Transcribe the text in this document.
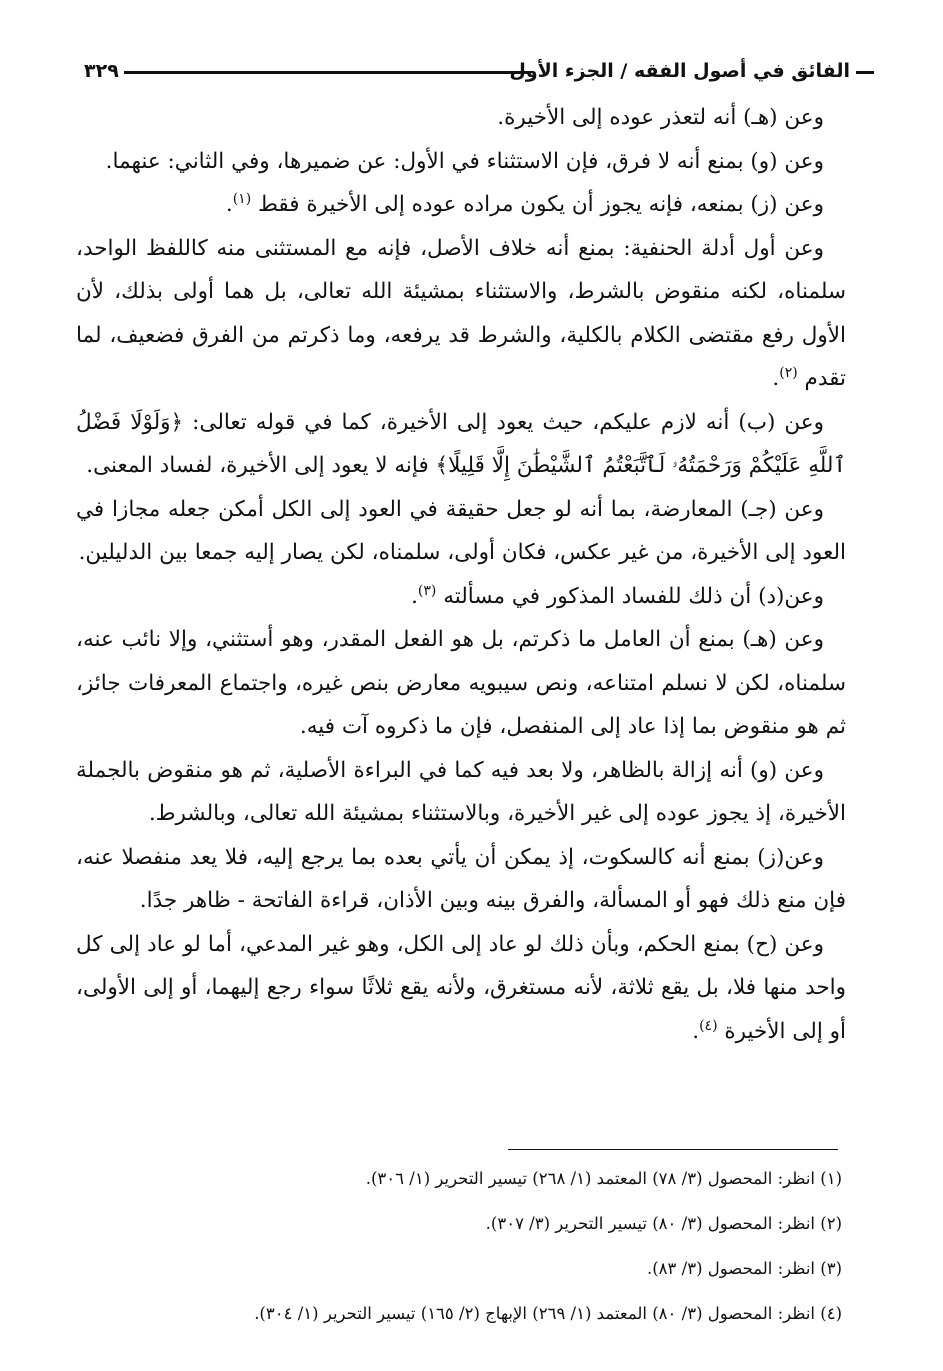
الفائق في أصول الفقه / الجزء الأول
٣٢٩

وعن (هـ) أنه لتعذر عوده إلى الأخيرة.

وعن (و) بمنع أنه لا فرق، فإن الاستثناء في الأول: عن ضميرها، وفي الثاني: عنهما.

وعن (ز) بمنعه، فإنه يجوز أن يكون مراده عوده إلى الأخيرة فقط $^{(١)}$.

وعن أول أدلة الحنفية: بمنع أنه خلاف الأصل، فإنه مع المستثنى منه كاللفظ الواحد، سلمناه، لكنه منقوض بالشرط، والاستثناء بمشيئة الله تعالى، بل هما أولى بذلك، لأن الأول رفع مقتضى الكلام بالكلية، والشرط قد يرفعه، وما ذكرتم من الفرق فضعيف، لما تقدم $^{(٢)}$.

وعن (ب) أنه لازم عليكم، حيث يعود إلى الأخيرة، كما في قوله تعالى: ﴿وَلَوْلَا فَضْلُ ٱللَّهِ عَلَيْكُمْ وَرَحْمَتُهُۥ لَٱتَّبَعْتُمُ ٱلشَّيْطَٰنَ إِلَّا قَلِيلًا﴾ فإنه لا يعود إلى الأخيرة، لفساد المعنى.

وعن (جـ) المعارضة، بما أنه لو جعل حقيقة في العود إلى الكل أمكن جعله مجازا في العود إلى الأخيرة، من غير عكس، فكان أولى، سلمناه، لكن يصار إليه جمعا بين الدليلين.

وعن(د) أن ذلك للفساد المذكور في مسألته $^{(٣)}$.

وعن (هـ) بمنع أن العامل ما ذكرتم، بل هو الفعل المقدر، وهو أستثني، وإلا نائب عنه، سلمناه، لكن لا نسلم امتناعه، ونص سيبويه معارض بنص غيره، واجتماع المعرفات جائز، ثم هو منقوض بما إذا عاد إلى المنفصل، فإن ما ذكروه آت فيه.

وعن (و) أنه إزالة بالظاهر، ولا بعد فيه كما في البراءة الأصلية، ثم هو منقوض بالجملة الأخيرة، إذ يجوز عوده إلى غير الأخيرة، وبالاستثناء بمشيئة الله تعالى، وبالشرط.

وعن(ز) بمنع أنه كالسكوت، إذ يمكن أن يأتي بعده بما يرجع إليه، فلا يعد منفصلا عنه، فإن منع ذلك فهو أو المسألة، والفرق بينه وبين الأذان، قراءة الفاتحة - ظاهر جدًا.

وعن (ح) بمنع الحكم، وبأن ذلك لو عاد إلى الكل، وهو غير المدعي، أما لو عاد إلى كل واحد منها فلا، بل يقع ثلاثة، لأنه مستغرق، ولأنه يقع ثلاثًا سواء رجع إليهما، أو إلى الأولى، أو إلى الأخيرة $^{(٤)}$.

(١) انظر: المحصول (٣/ ٧٨) المعتمد (١/ ٢٦٨) تيسير التحرير (١/ ٣٠٦).

(٢) انظر: المحصول (٣/ ٨٠) تيسير التحرير (٣/ ٣٠٧).

(٣) انظر: المحصول (٣/ ٨٣).

(٤) انظر: المحصول (٣/ ٨٠) المعتمد (١/ ٢٦٩) الإبهاج (٢/ ١٦٥) تيسير التحرير (١/ ٣٠٤).
